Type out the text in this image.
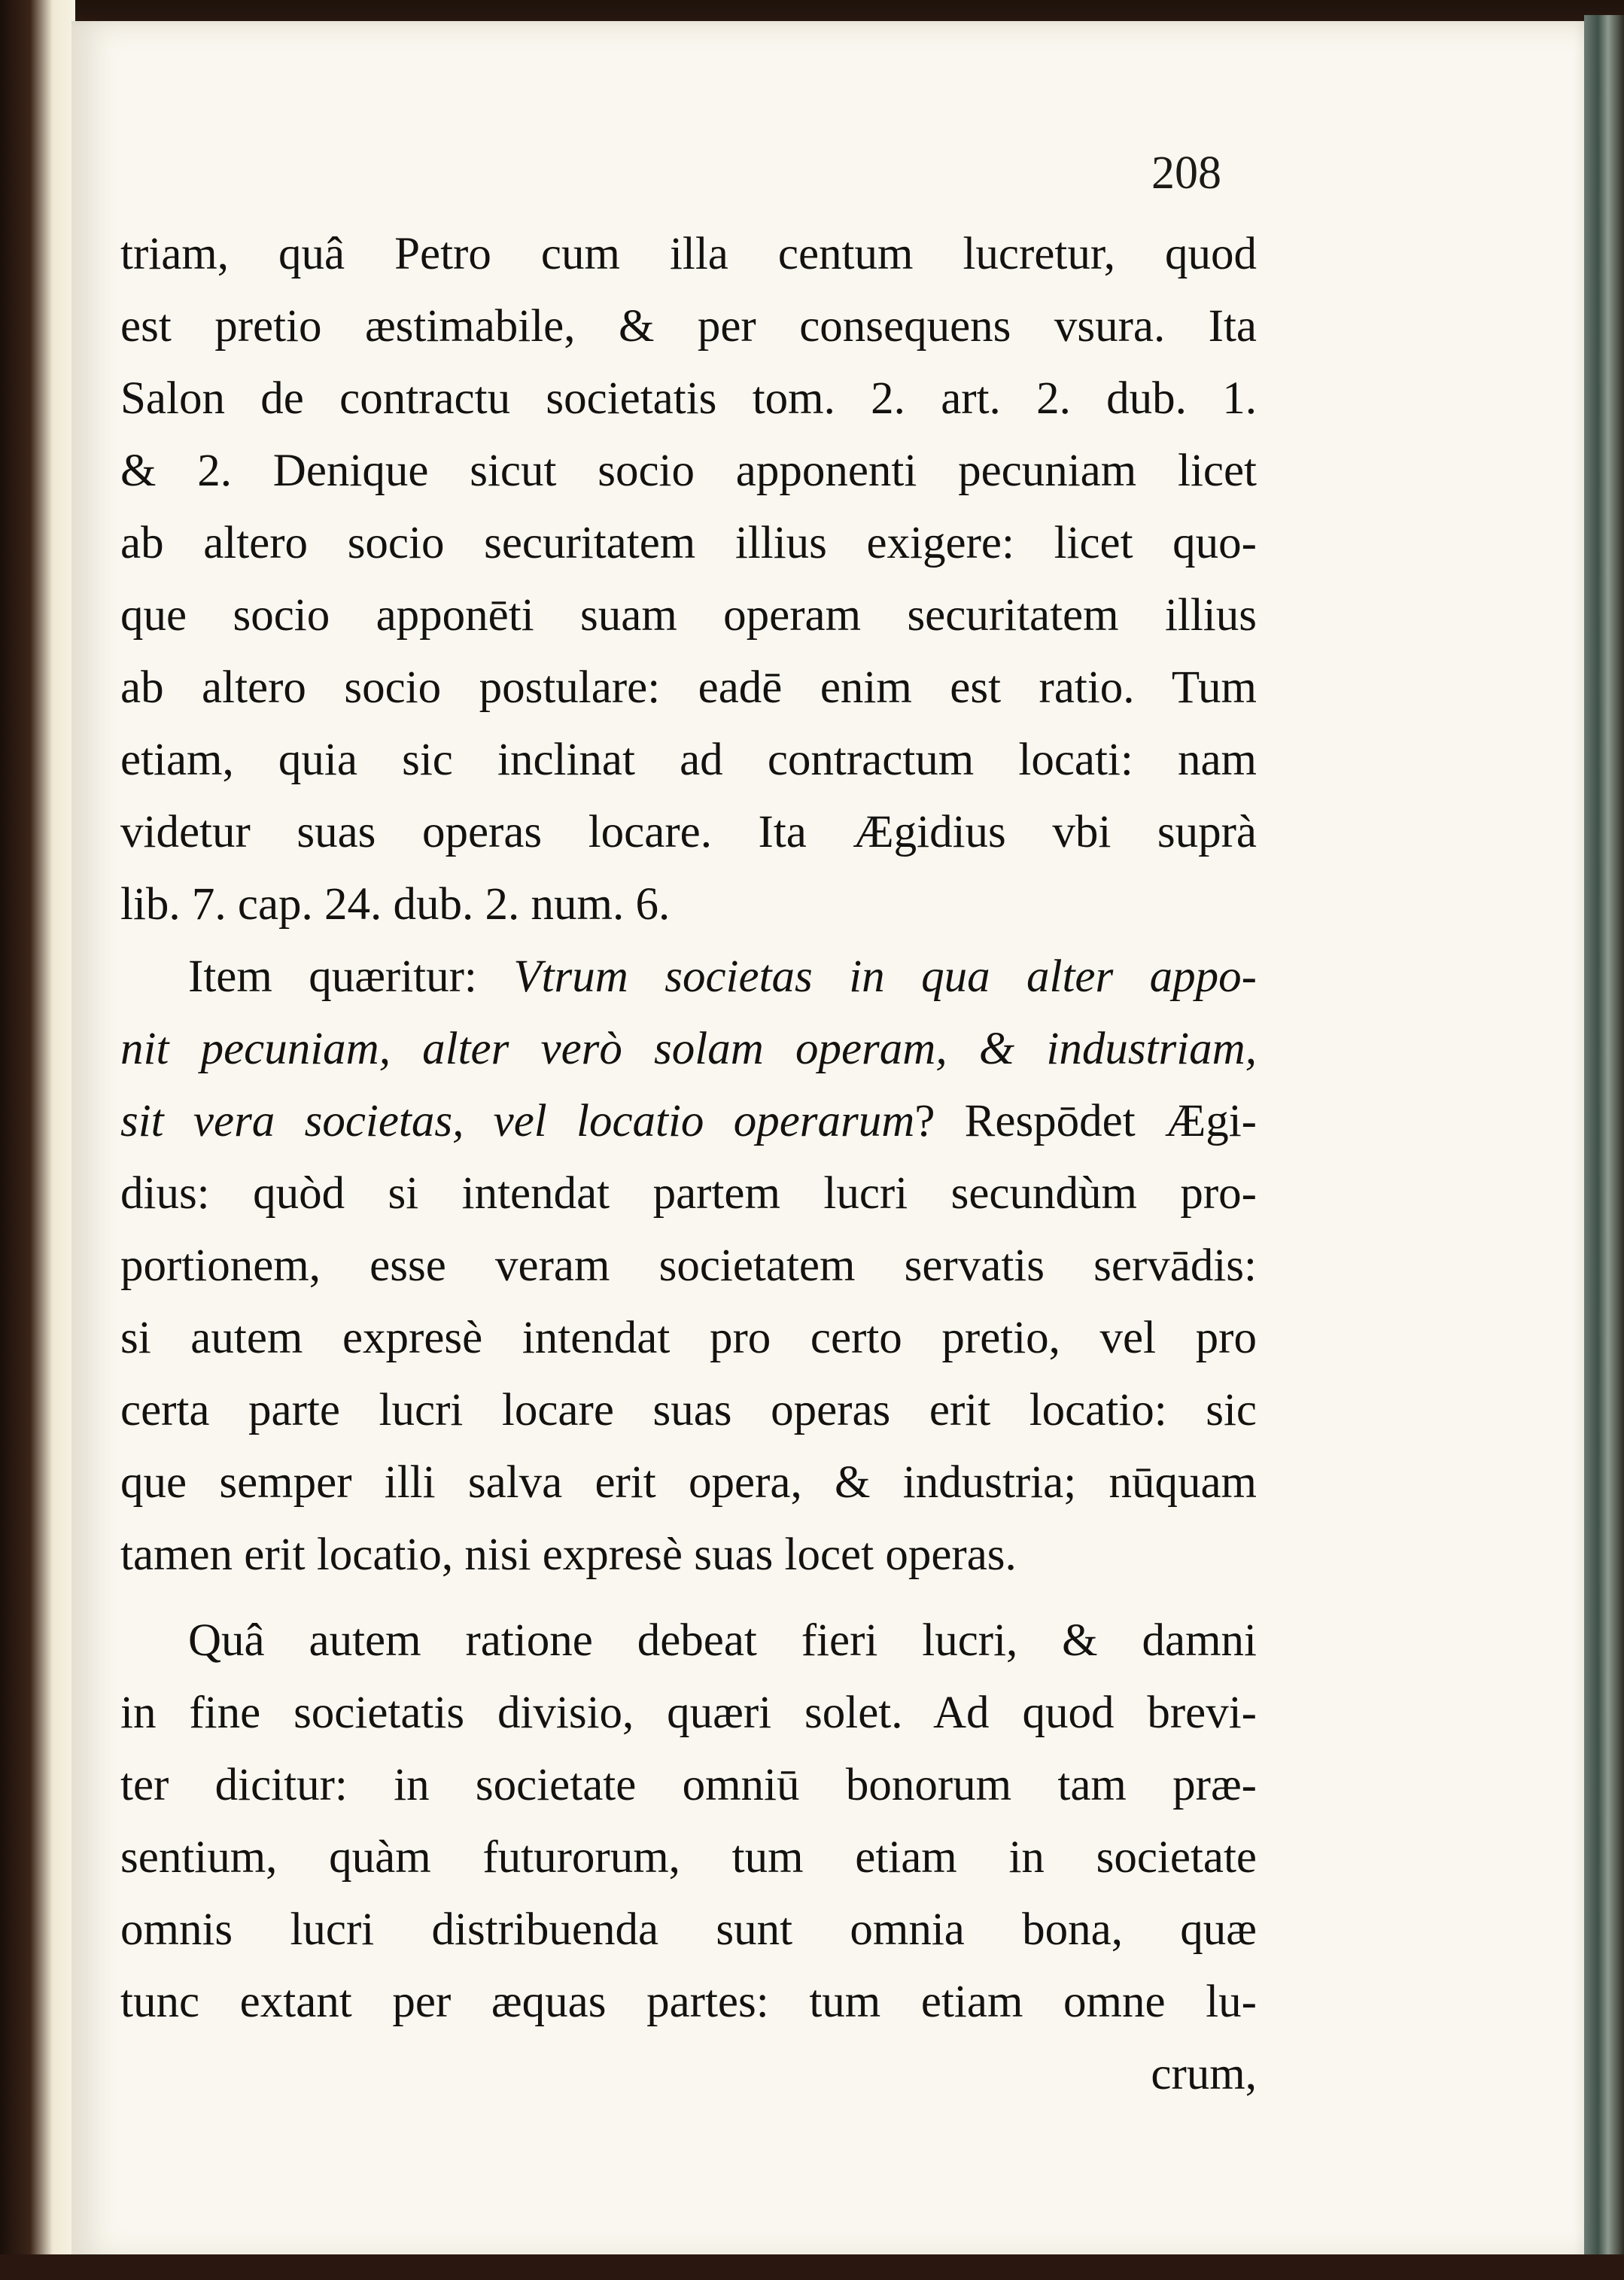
208
triam, quâ Petro cum illa centum lucretur, quod
est pretio æstimabile, & per consequens vsura. Ita
Salon de contractu societatis tom. 2. art. 2. dub. 1.
& 2. Denique sicut socio apponenti pecuniam licet
ab altero socio securitatem illius exigere: licet quo-
que socio apponēti suam operam securitatem illius
ab altero socio postulare: eadē enim est ratio. Tum
etiam, quia sic inclinat ad contractum locati: nam
videtur suas operas locare. Ita Ægidius vbi suprà
lib. 7. cap. 24. dub. 2. num. 6.
Item quæritur: Vtrum societas in qua alter appo-
nit pecuniam, alter verò solam operam, & industriam,
sit vera societas, vel locatio operarum? Respōdet Ægi-
dius: quòd si intendat partem lucri secundùm pro-
portionem, esse veram societatem servatis servādis:
si autem expresè intendat pro certo pretio, vel pro
certa parte lucri locare suas operas erit locatio: sic
que semper illi salva erit opera, & industria; nūquam
tamen erit locatio, nisi expresè suas locet operas.
Quâ autem ratione debeat fieri lucri, & damni
in fine societatis divisio, quæri solet. Ad quod brevi-
ter dicitur: in societate omniū bonorum tam præ-
sentium, quàm futurorum, tum etiam in societate
omnis lucri distribuenda sunt omnia bona, quæ
tunc extant per æquas partes: tum etiam omne lu-
crum,
